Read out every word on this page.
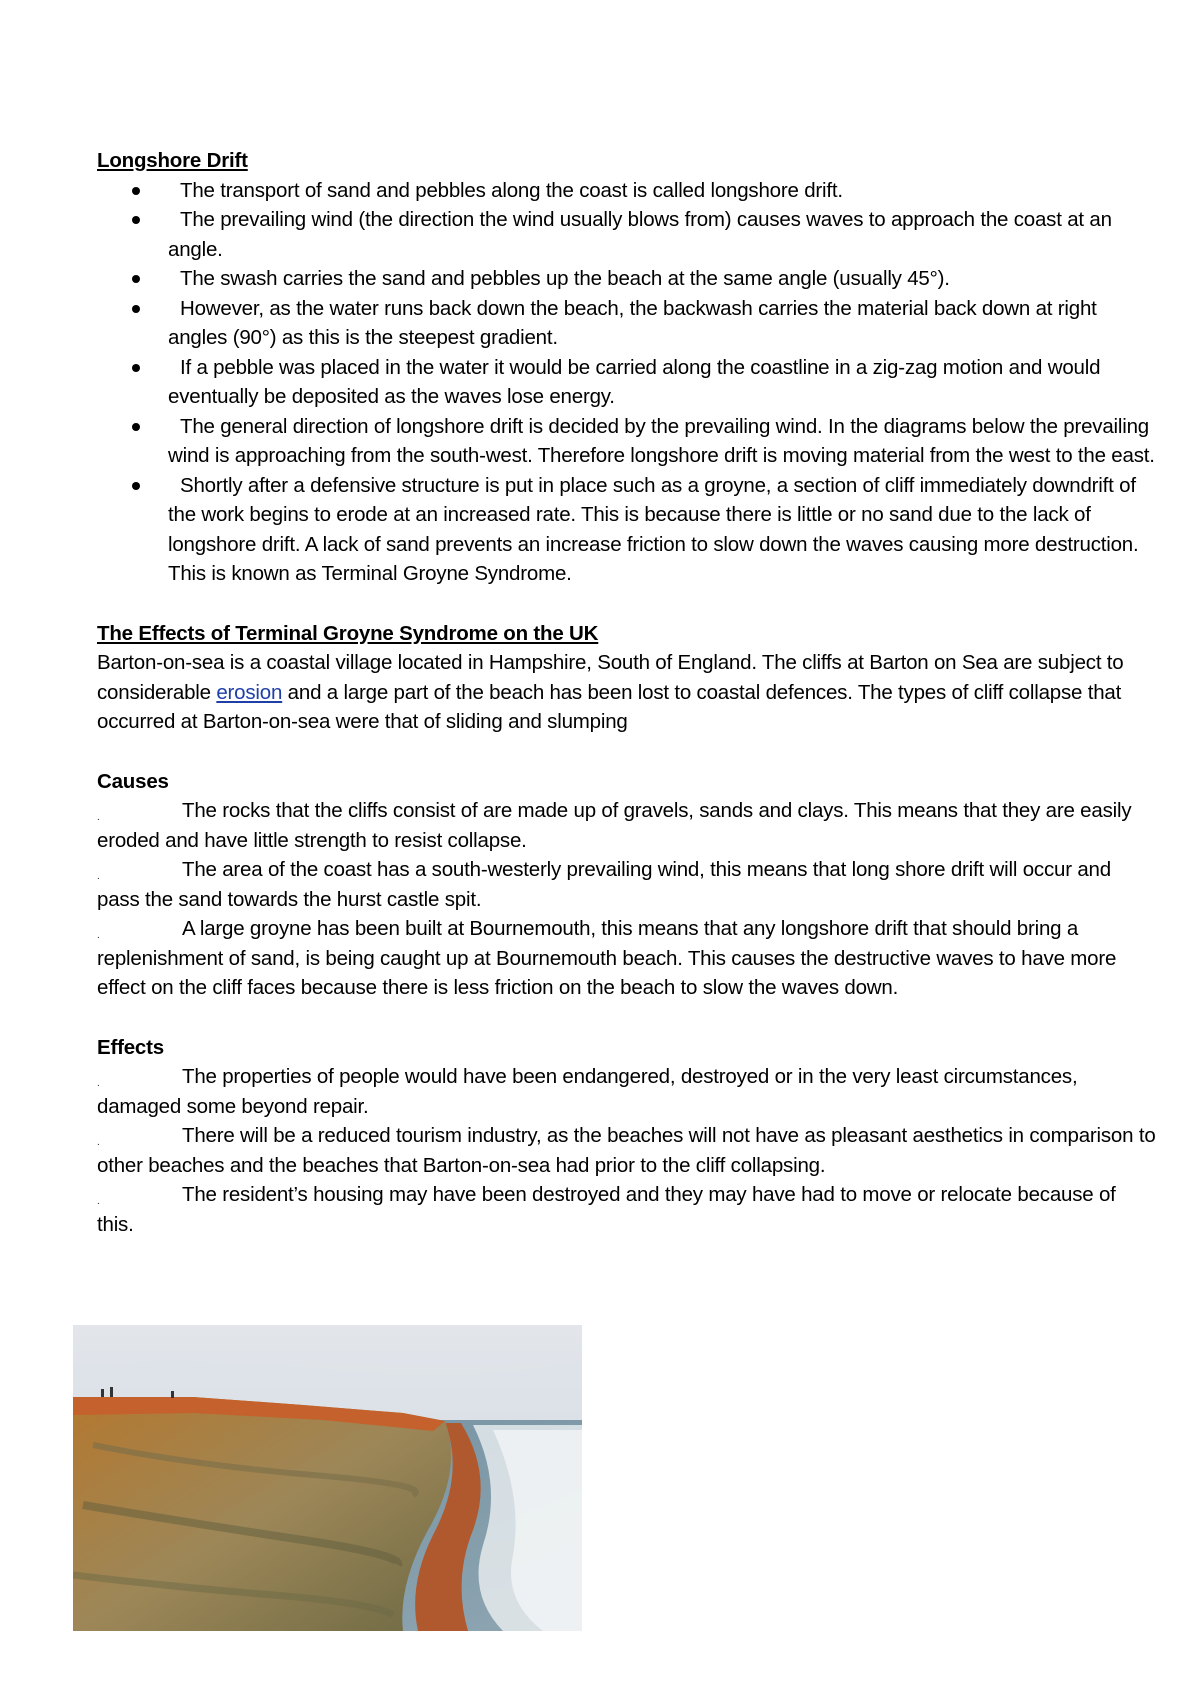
Longshore Drift

The transport of sand and pebbles along the coast is called longshore drift.
The prevailing wind (the direction the wind usually blows from) causes waves to approach the coast at an angle.
The swash carries the sand and pebbles up the beach at the same angle (usually 45°).
However, as the water runs back down the beach, the backwash carries the material back down at right angles (90°) as this is the steepest gradient.
If a pebble was placed in the water it would be carried along the coastline in a zig-zag motion and would eventually be deposited as the waves lose energy.
The general direction of longshore drift is decided by the prevailing wind. In the diagrams below the prevailing wind is approaching from the south-west. Therefore longshore drift is moving material from the west to the east.
Shortly after a defensive structure is put in place such as a groyne, a section of cliff immediately downdrift of the work begins to erode at an increased rate. This is because there is little or no sand due to the lack of longshore drift. A lack of sand prevents an increase friction to slow down the waves causing more destruction. This is known as Terminal Groyne Syndrome.

The Effects of Terminal Groyne Syndrome on the UK

Barton-on-sea is a coastal village located in Hampshire, South of England. The cliffs at Barton on Sea are subject to considerable erosion and a large part of the beach has been lost to coastal defences. The types of cliff collapse that occurred at Barton-on-sea were that of sliding and slumping

Causes

.	The rocks that the cliffs consist of are made up of gravels, sands and clays. This means that they are easily eroded and have little strength to resist collapse.

.	The area of the coast has a south-westerly prevailing wind, this means that long shore drift will occur and pass the sand towards the hurst castle spit.

.	A large groyne has been built at Bournemouth, this means that any longshore drift that should bring a replenishment of sand, is being caught up at Bournemouth beach. This causes the destructive waves to have more effect on the cliff faces because there is less friction on the beach to slow the waves down.

Effects

.	The properties of people would have been endangered, destroyed or in the very least circumstances, damaged some beyond repair.

.	There will be a reduced tourism industry, as the beaches will not have as pleasant aesthetics in comparison to other beaches and the beaches that Barton-on-sea had prior to the cliff collapsing.

.	The resident’s housing may have been destroyed and they may have had to move or relocate because of this.
